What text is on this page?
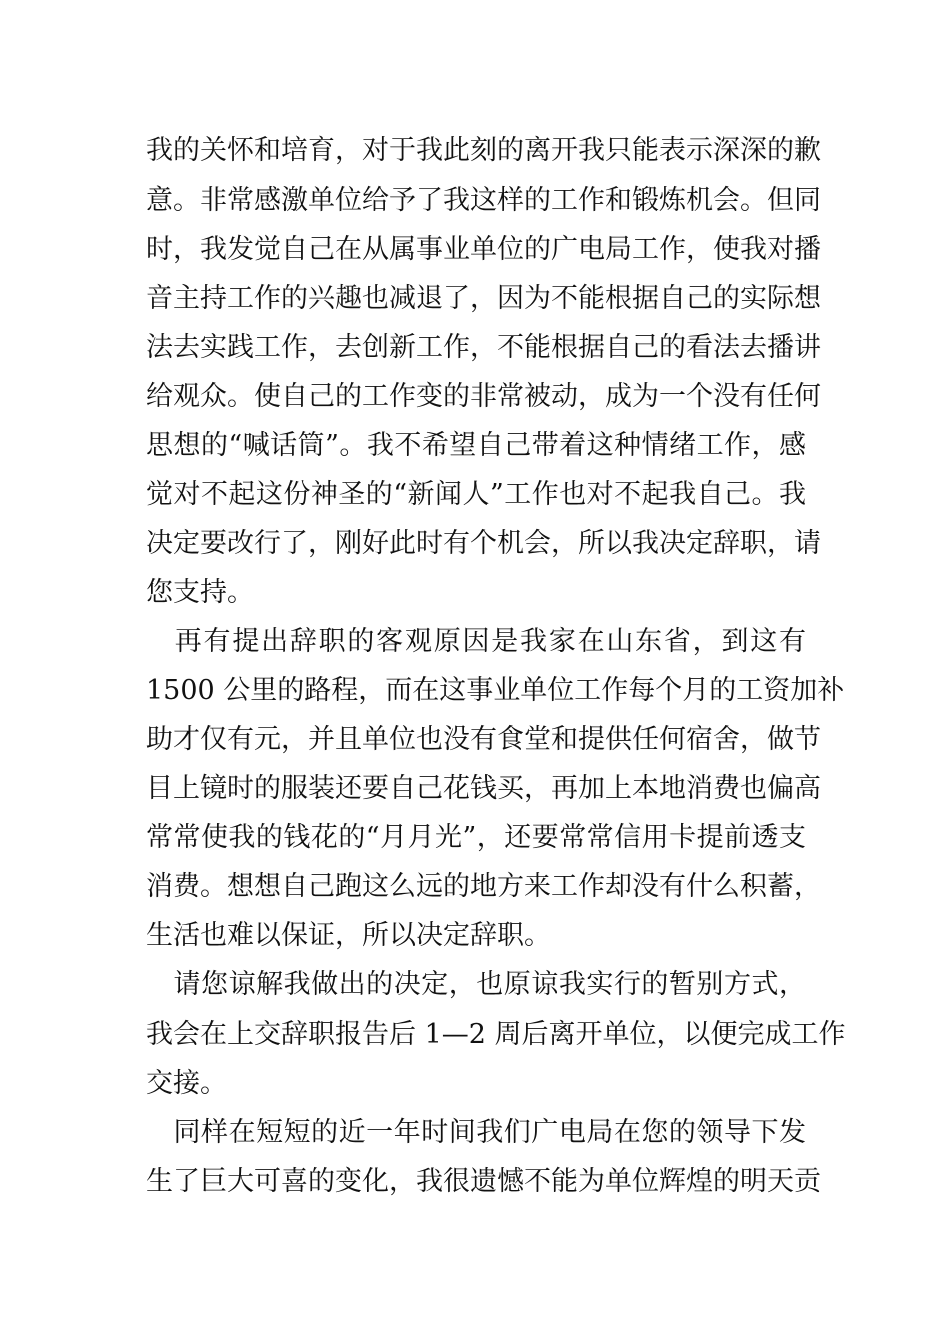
我的关怀和培育，对于我此刻的离开我只能表示深深的歉
意。非常感激单位给予了我这样的工作和锻炼机会。但同
时，我发觉自己在从属事业单位的广电局工作，使我对播
音主持工作的兴趣也减退了，因为不能根据自己的实际想
法去实践工作，去创新工作，不能根据自己的看法去播讲
给观众。使自己的工作变的非常被动，成为一个没有任何
思想的“喊话筒”。我不希望自己带着这种情绪工作，感
觉对不起这份神圣的“新闻人”工作也对不起我自己。我
决定要改行了，刚好此时有个机会，所以我决定辞职，请
您支持。
　再有提出辞职的客观原因是我家在山东省，到这有
1500 公里的路程，而在这事业单位工作每个月的工资加补
助才仅有元，并且单位也没有食堂和提供任何宿舍，做节
目上镜时的服装还要自己花钱买，再加上本地消费也偏高
常常使我的钱花的“月月光”，还要常常信用卡提前透支
消费。想想自己跑这么远的地方来工作却没有什么积蓄，
生活也难以保证，所以决定辞职。
　请您谅解我做出的决定，也原谅我实行的暂别方式，
我会在上交辞职报告后 1—2 周后离开单位，以便完成工作
交接。
　同样在短短的近一年时间我们广电局在您的领导下发
生了巨大可喜的变化，我很遗憾不能为单位辉煌的明天贡
